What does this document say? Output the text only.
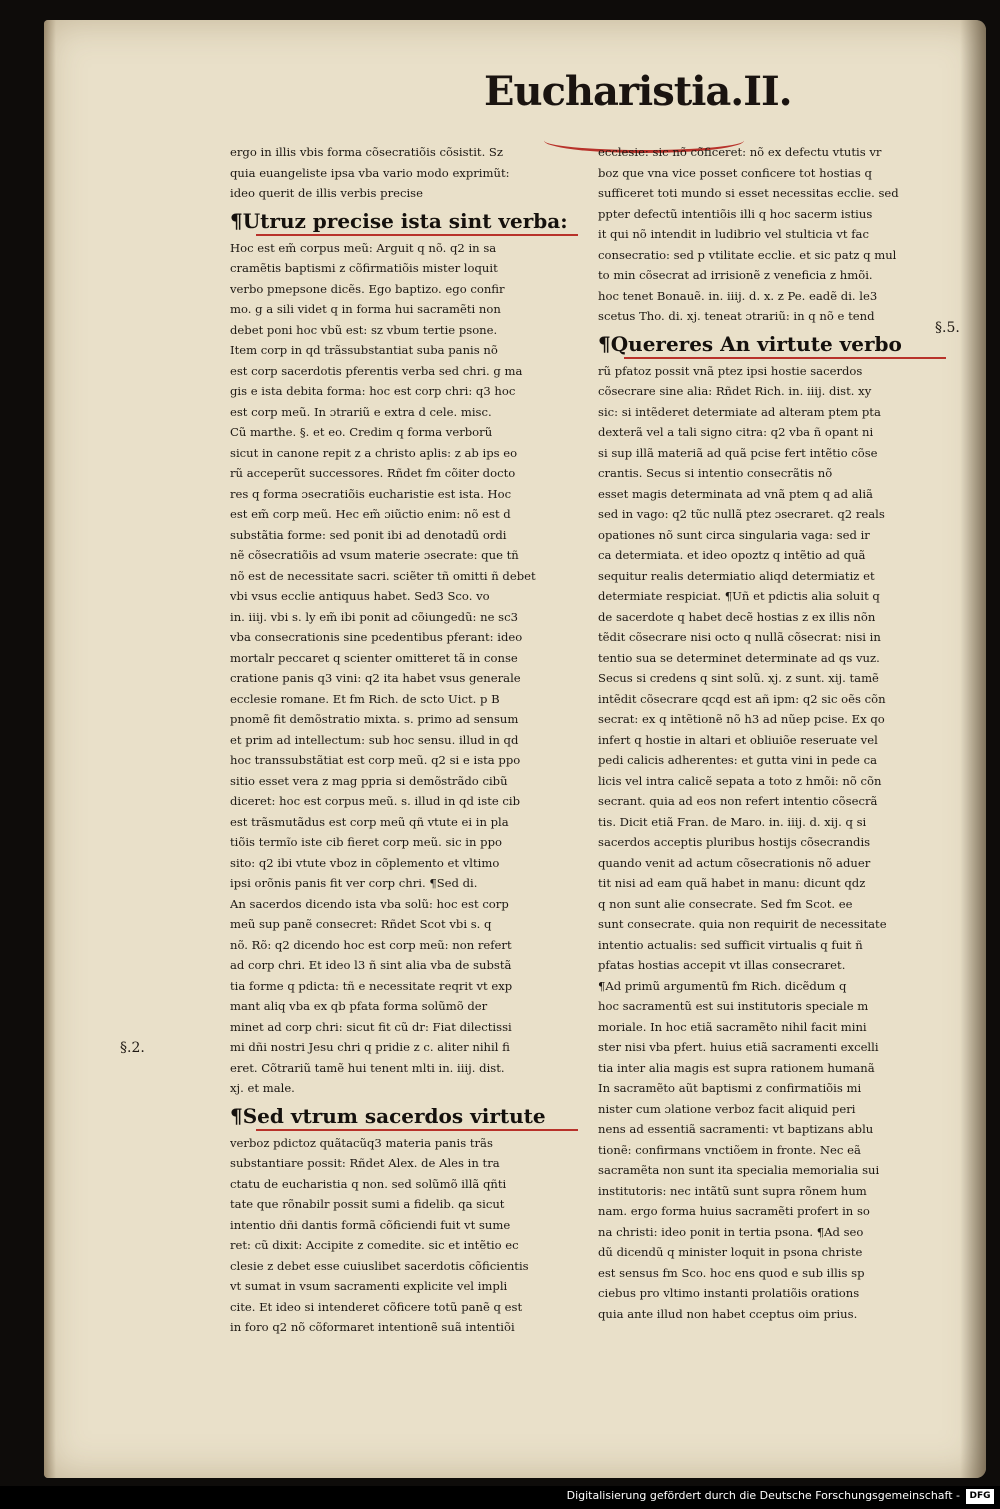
Eucharistia.II.
ergo in illis vbis forma cõsecratiõis cõsistit. Sz
quia euangeliste ipsa vba vario modo exprimũt:
ideo querit de illis verbis precise
¶Utruz precise ista sint verba:
Hoc est em̃ corpus meũ: Arguit q nõ. q2 in sa
cramẽtis baptismi z cõfirmatiõis mister loquit
verbo pmepsone dicẽs. Ego baptizo. ego confir
mo. g a sili videt q in forma hui sacramẽti non
debet poni hoc vbũ est: sz vbum tertie psone.
Item corp in qd trãssubstantiat suba panis nõ
est corp sacerdotis pferentis verba sed chri. g ma
gis e ista debita forma: hoc est corp chri: q3 hoc
est corp meũ. In ɔtrariũ e extra d cele. misc.
Cũ marthe. §. et eo. Credim q forma verborũ
sicut in canone repit z a christo aplis: z ab ips eo
rũ acceperũt successores. Rñdet fm cõiter docto
res q forma ɔsecratiõis eucharistie est ista. Hoc
est em̃ corp meũ. Hec em̃ ɔiũctio enim: nõ est d
substãtia forme: sed ponit ibi ad denotadũ ordi
nẽ cõsecratiõis ad vsum materie ɔsecrate: que tñ
nõ est de necessitate sacri. sciẽter tñ omitti ñ debet
vbi vsus ecclie antiquus habet. Sed3 Sco. vo
in. iiij. vbi s. ly em̃ ibi ponit ad cõiungedũ: ne sc3
vba consecrationis sine pcedentibus pferant: ideo
mortalr peccaret q scienter omitteret tã in conse
cratione panis q3 vini: q2 ita habet vsus generale
ecclesie romane. Et fm Rich. de scto Uict. p B
pnomẽ fit demõstratio mixta. s. primo ad sensum
et prim ad intellectum: sub hoc sensu. illud in qd
hoc transsubstãtiat est corp meũ. q2 si e ista ppo
sitio esset vera z mag ppria si demõstrãdo cibũ
diceret: hoc est corpus meũ. s. illud in qd iste cib
est trãsmutãdus est corp meũ qñ vtute ei in pla
tiõis termĩo iste cib fieret corp meũ. sic in ppo
sito: q2 ibi vtute vboz in cõplemento et vltimo
ipsi orõnis panis fit ver corp chri. ¶Sed di.
An sacerdos dicendo ista vba solũ: hoc est corp
meũ sup panẽ consecret: Rñdet Scot vbi s. q
nõ. Rõ: q2 dicendo hoc est corp meũ: non refert
ad corp chri. Et ideo l3 ñ sint alia vba de substã
tia forme q pdicta: tñ e necessitate reqrit vt exp
mant aliq vba ex qb pfata forma solũmõ der
minet ad corp chri: sicut fit cũ dr: Fiat dilectissi
mi dñi nostri Jesu chri q pridie z c. aliter nihil fi
eret. Cõtrariũ tamẽ hui tenent mlti in. iiij. dist.
xj. et male.
¶Sed vtrum sacerdos virtute
verboz pdictoz quãtacũq3 materia panis trãs
substantiare possit: Rñdet Alex. de Ales in tra
ctatu de eucharistia q non. sed solũmõ illã qñti
tate que rõnabilr possit sumi a fidelib. qa sicut
intentio dñi dantis formã cõficiendi fuit vt sume
ret: cũ dixit: Accipite z comedite. sic et intẽtio ec
clesie z debet esse cuiuslibet sacerdotis cõficientis
vt sumat in vsum sacramenti explicite vel impli
cite. Et ideo si intenderet cõficere totũ panẽ q est
in foro q2 nõ cõformaret intentionẽ suã intentiõi
ecclesie: sic nõ cõficeret: nõ ex defectu vtutis vr
boz que vna vice posset conficere tot hostias q
sufficeret toti mundo si esset necessitas ecclie. sed
ppter defectũ intentiõis illi q hoc sacerm istius
it qui nõ intendit in ludibrio vel stulticia vt fac
consecratio: sed p vtilitate ecclie. et sic patz q mul
to min cõsecrat ad irrisionẽ z veneficia z hmõi.
hoc tenet Bonauẽ. in. iiij. d. x. z Pe. eadẽ di. le3
scetus Tho. di. xj. teneat ɔtrariũ: in q nõ e tend
¶Quereres An virtute verbo
rũ pfatoz possit vnã ptez ipsi hostie sacerdos
cõsecrare sine alia: Rñdet Rich. in. iiij. dist. xy
sic: si intẽderet determiate ad alteram ptem pta
dexterã vel a tali signo citra: q2 vba ñ opant ni
si sup illã materiã ad quã pcise fert intẽtio cõse
crantis. Secus si intentio consecrãtis nõ
esset magis determinata ad vnã ptem q ad aliã
sed in vago: q2 tũc nullã ptez ɔsecraret. q2 reals
opationes nõ sunt circa singularia vaga: sed ir
ca determiata. et ideo opoztz q intẽtio ad quã
sequitur realis determiatio aliqd determiatiz et
determiate respiciat. ¶Uñ et pdictis alia soluit q
de sacerdote q habet decẽ hostias z ex illis nõn
tẽdit cõsecrare nisi octo q nullã cõsecrat: nisi in
tentio sua se determinet determinate ad qs vuz.
Secus si credens q sint solũ. xj. z sunt. xij. tamẽ
intẽdit cõsecrare qcqd est añ ipm: q2 sic oẽs cõn
secrat: ex q intẽtionẽ nõ h3 ad nũep pcise. Ex qo
infert q hostie in altari et obliuiõe reseruate vel
pedi calicis adherentes: et gutta vini in pede ca
licis vel intra calicẽ sepata a toto z hmõi: nõ cõn
secrant. quia ad eos non refert intentio cõsecrã
tis. Dicit etiã Fran. de Maro. in. iiij. d. xij. q si
sacerdos acceptis pluribus hostijs cõsecrandis
quando venit ad actum cõsecrationis nõ aduer
tit nisi ad eam quã habet in manu: dicunt qdz
q non sunt alie consecrate. Sed fm Scot. ee
sunt consecrate. quia non requirit de necessitate
intentio actualis: sed sufficit virtualis q fuit ñ
pfatas hostias accepit vt illas consecraret.
¶Ad primũ argumentũ fm Rich. dicẽdum q
hoc sacramentũ est sui institutoris speciale m
moriale. In hoc etiã sacramẽto nihil facit mini
ster nisi vba pfert. huius etiã sacramenti excelli
tia inter alia magis est supra rationem humanã
In sacramẽto aũt baptismi z confirmatiõis mi
nister cum ɔlatione verboz facit aliquid peri
nens ad essentiã sacramenti: vt baptizans ablu
tionẽ: confirmans vnctiõem in fronte. Nec eã
sacramẽta non sunt ita specialia memorialia sui
institutoris: nec intãtũ sunt supra rõnem hum
nam. ergo forma huius sacramẽti profert in so
na christi: ideo ponit in tertia psona. ¶Ad seo
dũ dicendũ q minister loquit in psona christe
est sensus fm Sco. hoc ens quod e sub illis sp
ciebus pro vltimo instanti prolatiõis orations
quia ante illud non habet cceptus oim prius.
§.2.
§.5.
Digitalisierung gefördert durch die Deutsche Forschungsgemeinschaft -	DFG
